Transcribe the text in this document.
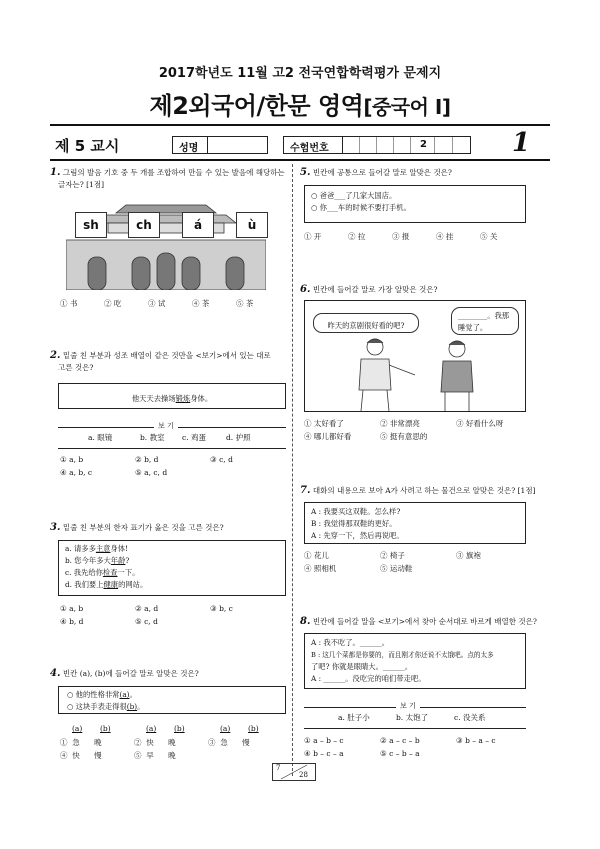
2017학년도 11월 고2 전국연합학력평가 문제지
제2외국어/한문 영역[중국어 Ⅰ]
제 5 교시	성명	수험번호	2	1
1. 그림의 발음 기호 중 두 개를 조합하여 만들 수 있는 발음에 해당하는
글자는? [1점]
sh	ch	á	ù
① 书	② 吃	③ 试	④ 茶	⑤ 茶
2. 밑줄 친 부분과 성조 배열이 같은 것만을 <보기>에서 있는 대로
고른 것은?
他天天去操场锻炼身体。
보 기
a. 眼镜	b. 教室 c. 鸡蛋	d. 护照
① a, b	② b, d	③ c, d
④ a, b, c	⑤ a, c, d
3. 밑줄 친 부분의 한자 표기가 옳은 것을 고른 것은?
a. 请多多主意身体!
b. 您今年多大年龄?
c. 我先给你检查一下。
d. 我们要上健康的网站。
① a, b	② a, d	③ b, c
④ b, d	⑤ c, d
4. 빈칸 (a), (b)에 들어갈 말로 알맞은 것은?
○ 他的性格非常(a)。
○ 这块手表走得很(b)。
(a) (b)	(a) (b)	(a) (b)
① 急 晚	② 快 晚	③ 急 慢
④ 快 慢	⑤ 早 晚
5. 빈칸에 공통으로 들어갈 말로 알맞은 것은?
○ 爸爸___了几家大国店。
○ 你___车的时候不要打手机。
① 开	② 拉	③ 报	④ 挂	⑤ 关
6. 빈칸에 들어갈 말로 가장 알맞은 것은?
昨天的京剧很好看的吧?
________。我那
睡觉了。
① 太好看了	② 非常漂亮	③ 好看什么呀
④ 哪儿都好看	⑤ 挺有意思的
7. 대화의 내용으로 보아 A가 사려고 하는 물건으로 알맞은 것은? [1점]
A : 我要买这双鞋。怎么样?
B : 我觉得那双鞋的更好。
A : 先穿一下，然后再说吧。
① 花儿	② 椅子	③ 旗袍
④ 照相机	⑤ 运动鞋
8. 빈칸에 들어갈 말을 <보기>에서 찾아 순서대로 바르게 배열한 것은?
A : 我不吃了。______。
B : 这几个菜都是你要的，而且刚才你还说不太饿吧。点的太多
了吧? 你就是眼睛大。______。
A : ______。没吃完的咱们带走吧。
보 기
a. 肚子小	b. 太饱了	c. 没关系
① a – b – c	② a – c – b	③ b – a – c
④ b – c – a	⑤ c – b – a
7
28
